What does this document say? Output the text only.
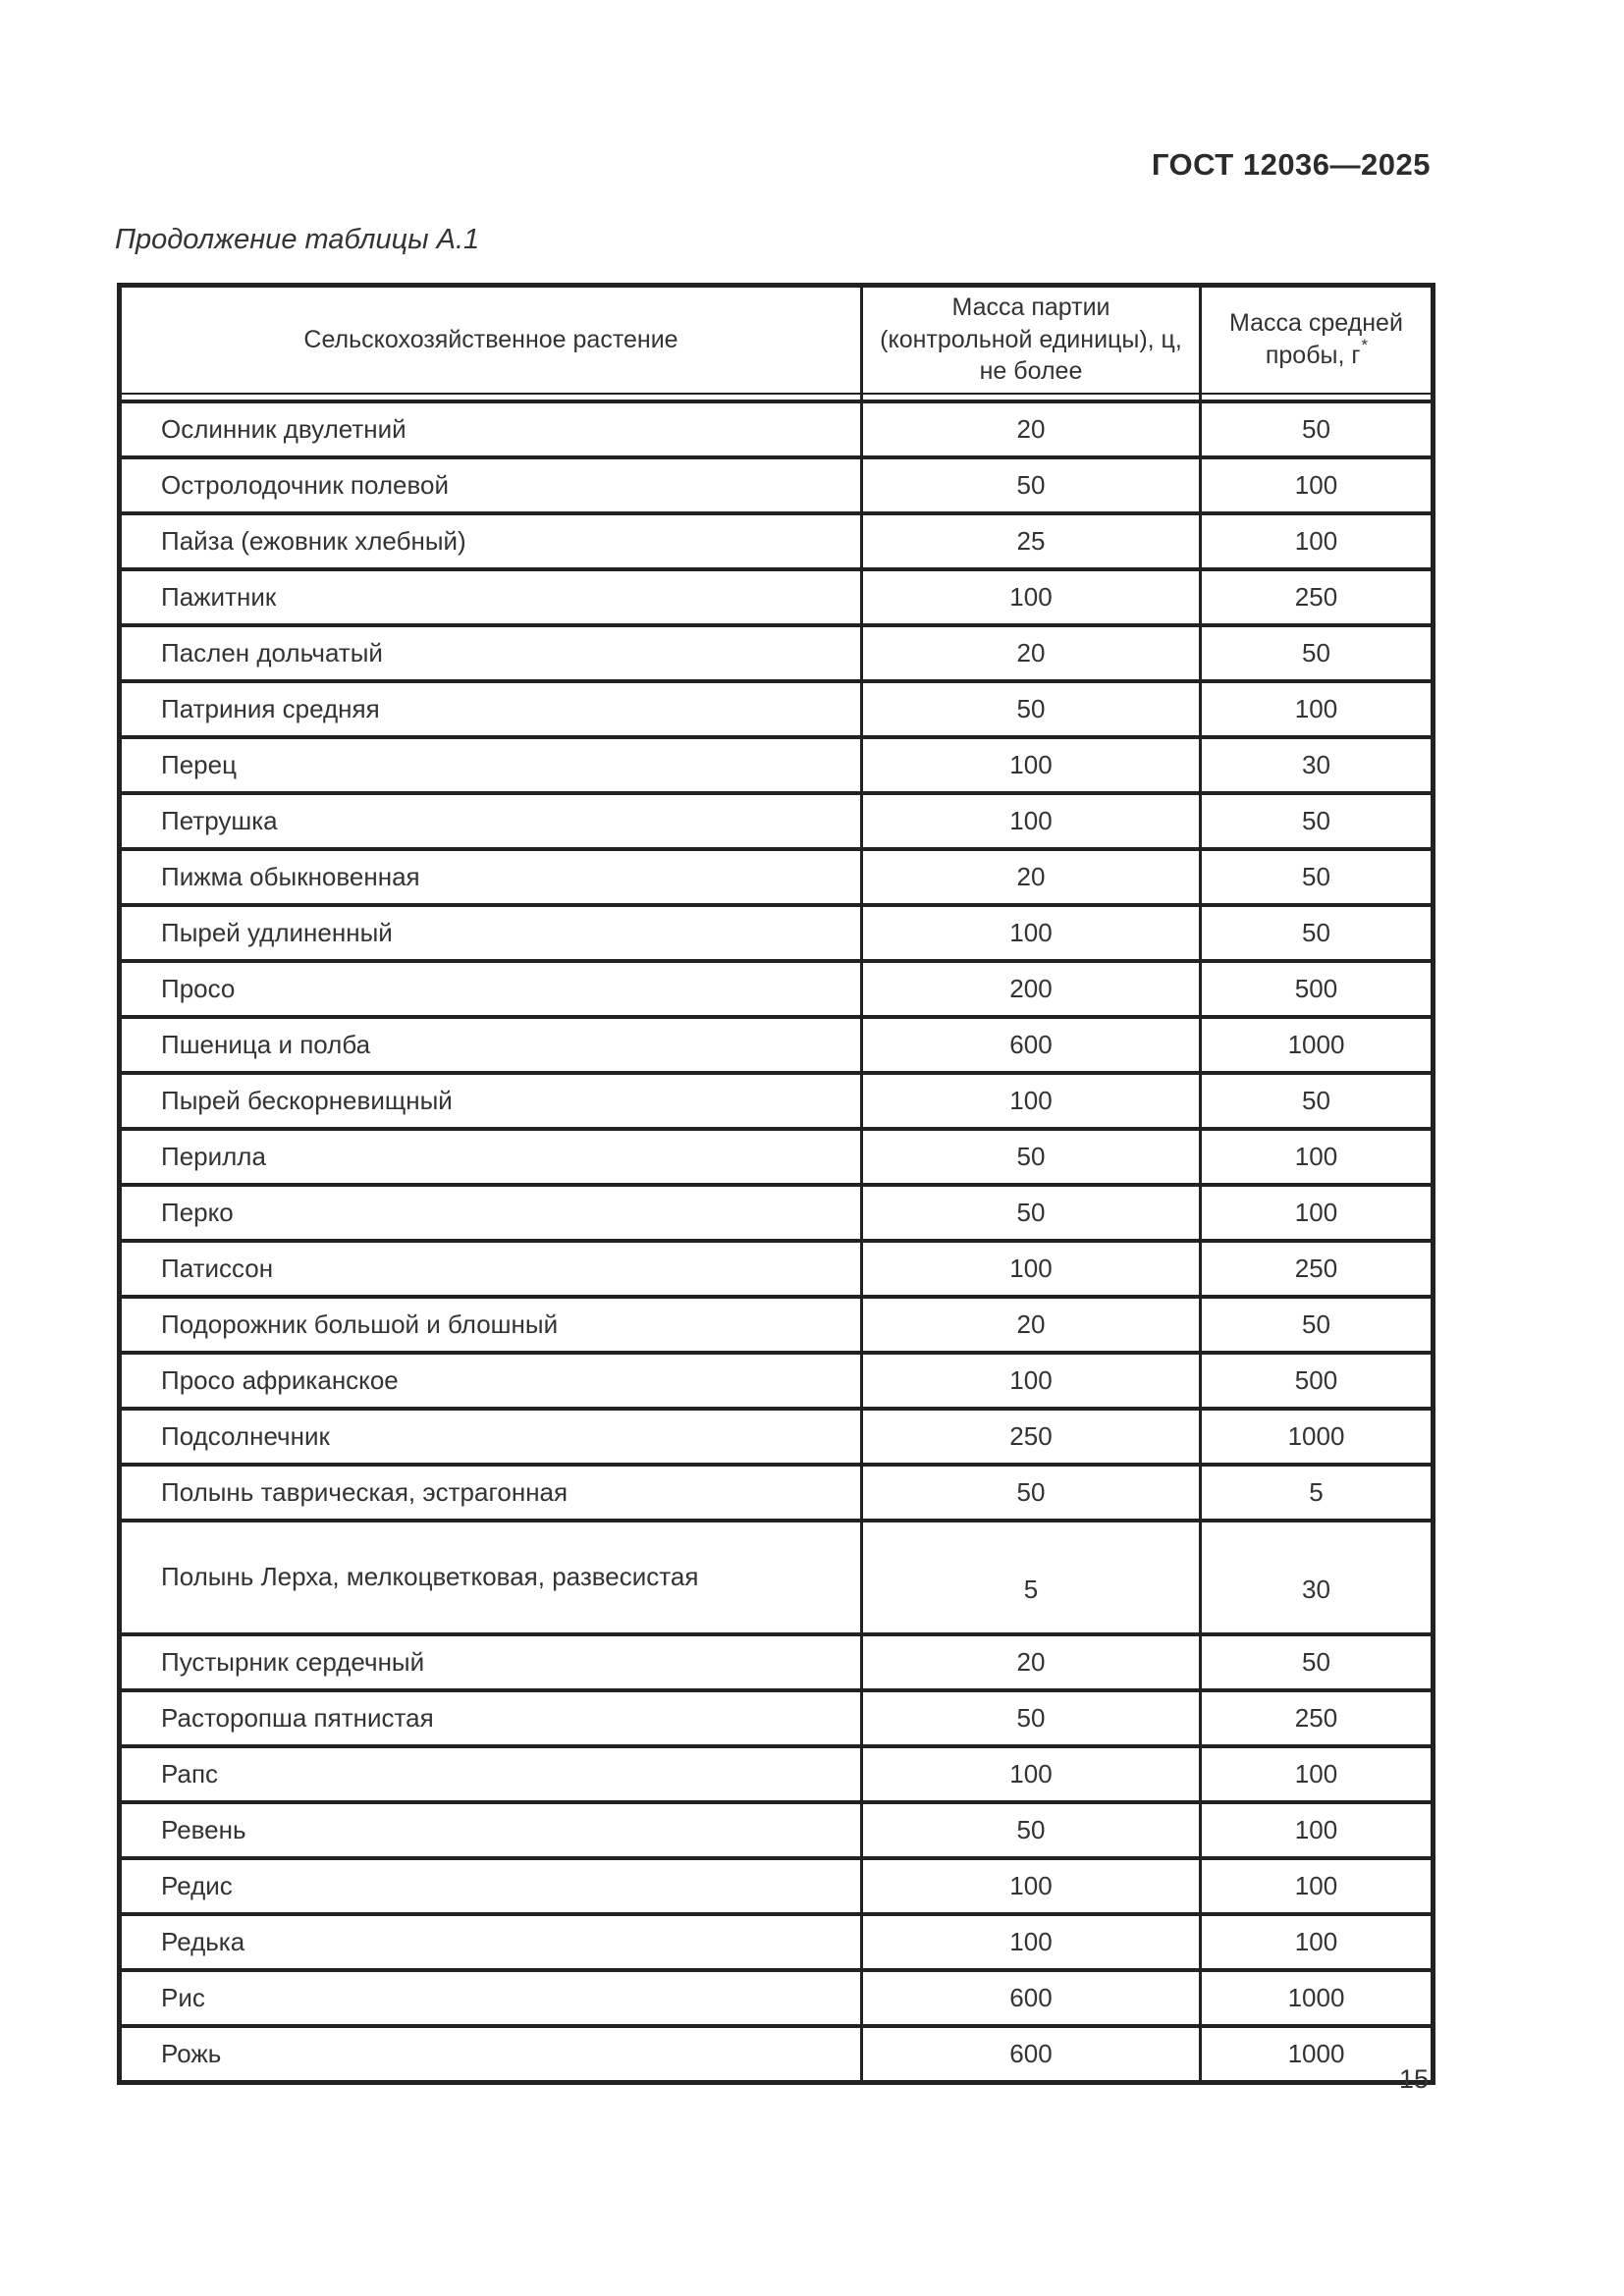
ГОСТ 12036—2025
Продолжение таблицы А.1
Сельскохозяйственное растение	Масса партии (контрольной единицы), ц, не более	Масса средней пробы, г*
Ослинник двулетний	20	50
Остролодочник полевой	50	100
Пайза (ежовник хлебный)	25	100
Пажитник	100	250
Паслен дольчатый	20	50
Патриния средняя	50	100
Перец	100	30
Петрушка	100	50
Пижма обыкновенная	20	50
Пырей удлиненный	100	50
Просо	200	500
Пшеница и полба	600	1000
Пырей бескорневищный	100	50
Перилла	50	100
Перко	50	100
Патиссон	100	250
Подорожник большой и блошный	20	50
Просо африканское	100	500
Подсолнечник	250	1000
Полынь таврическая, эстрагонная	50	5
Полынь Лерха, мелкоцветковая, развесистая	5	30
Пустырник сердечный	20	50
Расторопша пятнистая	50	250
Рапс	100	100
Ревень	50	100
Редис	100	100
Редька	100	100
Рис	600	1000
Рожь	600	1000
15
